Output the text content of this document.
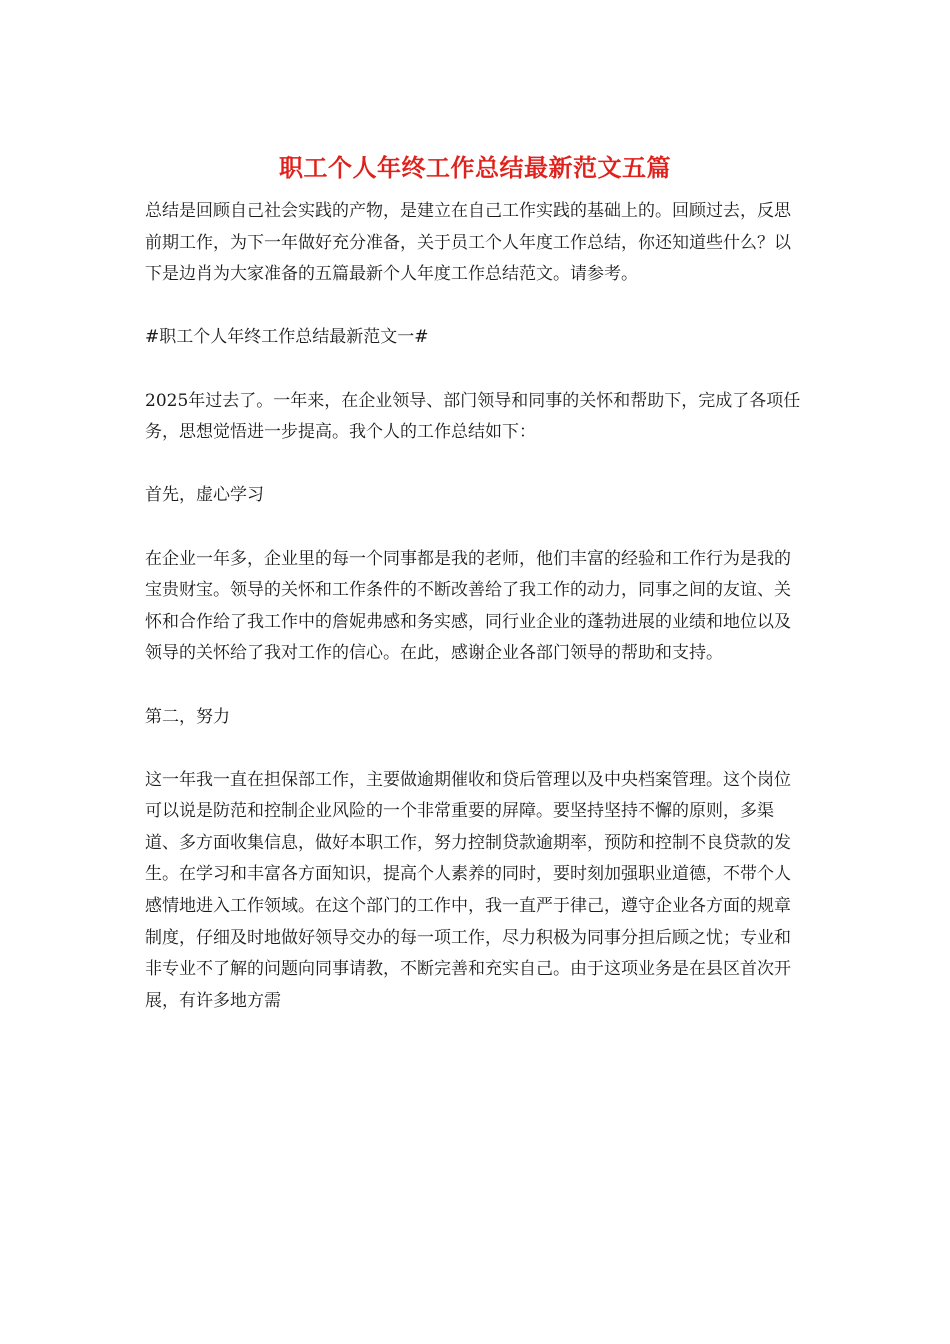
职工个人年终工作总结最新范文五篇

总结是回顾自己社会实践的产物，是建立在自己工作实践的基础上的。回顾过去，反思前期工作，为下一年做好充分准备，关于员工个人年度工作总结，你还知道些什么？以下是边肖为大家准备的五篇最新个人年度工作总结范文。请参考。

#职工个人年终工作总结最新范文一#

2025年过去了。一年来，在企业领导、部门领导和同事的关怀和帮助下，完成了各项任务，思想觉悟进一步提高。我个人的工作总结如下：

首先，虚心学习

在企业一年多，企业里的每一个同事都是我的老师，他们丰富的经验和工作行为是我的宝贵财宝。领导的关怀和工作条件的不断改善给了我工作的动力，同事之间的友谊、关怀和合作给了我工作中的詹妮弗感和务实感，同行业企业的蓬勃进展的业绩和地位以及领导的关怀给了我对工作的信心。在此，感谢企业各部门领导的帮助和支持。

第二，努力

这一年我一直在担保部工作，主要做逾期催收和贷后管理以及中央档案管理。这个岗位可以说是防范和控制企业风险的一个非常重要的屏障。要坚持坚持不懈的原则，多渠道、多方面收集信息，做好本职工作，努力控制贷款逾期率，预防和控制不良贷款的发生。在学习和丰富各方面知识，提高个人素养的同时，要时刻加强职业道德，不带个人感情地进入工作领域。在这个部门的工作中，我一直严于律己，遵守企业各方面的规章制度，仔细及时地做好领导交办的每一项工作，尽力积极为同事分担后顾之忧；专业和非专业不了解的问题向同事请教，不断完善和充实自己。由于这项业务是在县区首次开展，有许多地方需
